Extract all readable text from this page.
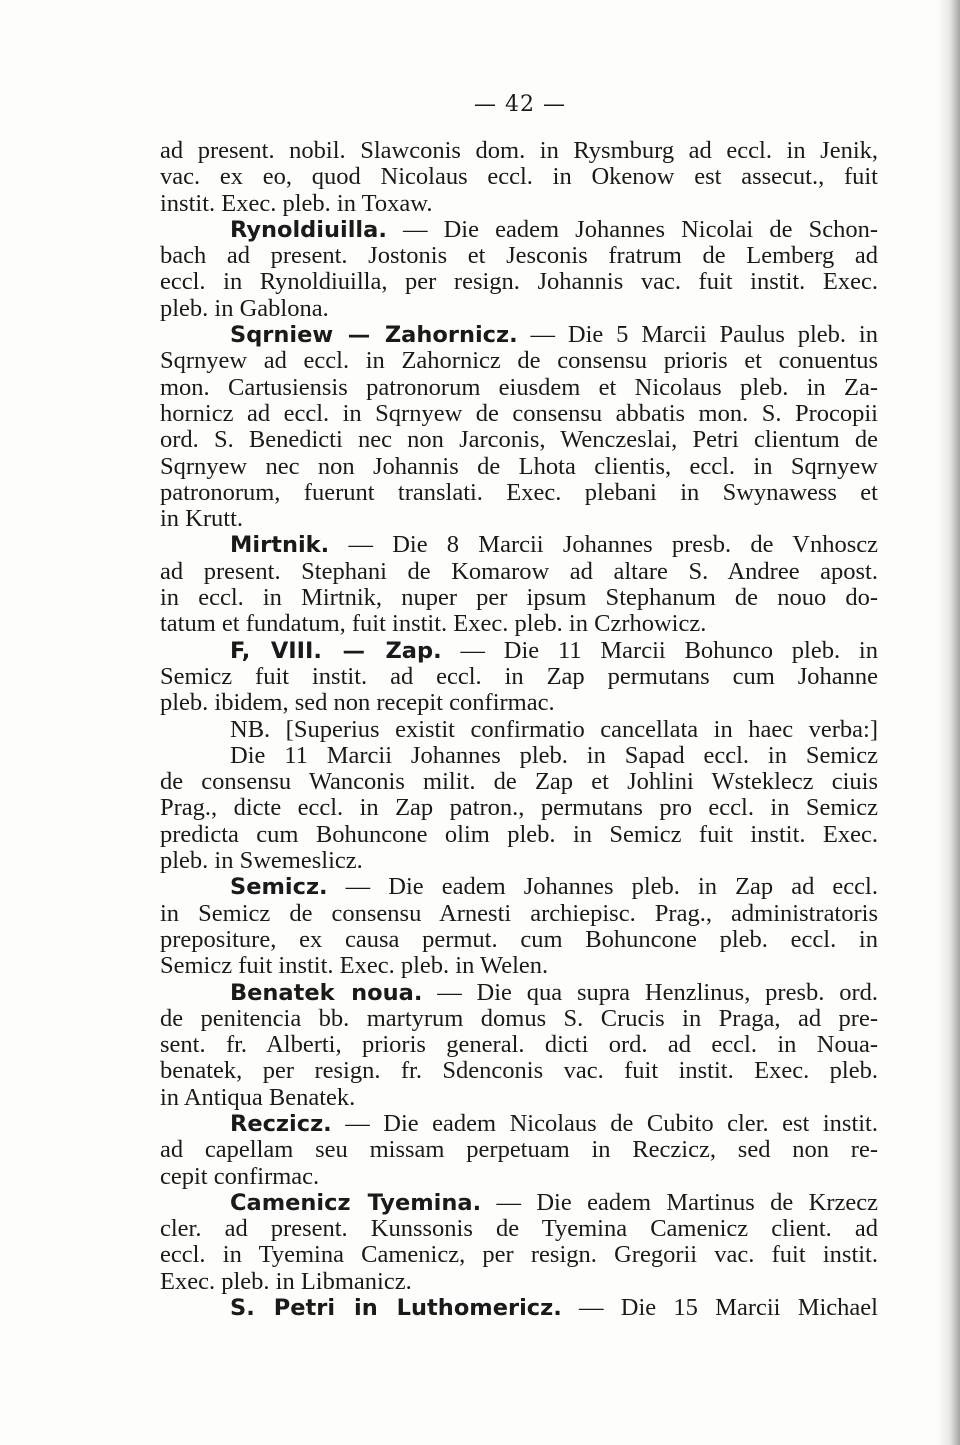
— 42 —
ad present. nobil. Slawconis dom. in Rysmburg ad eccl. in Jenik,
vac. ex eo, quod Nicolaus eccl. in Okenow est assecut., fuit
instit. Exec. pleb. in Toxaw.
Rynoldiuilla. — Die eadem Johannes Nicolai de Schon-
bach ad present. Jostonis et Jesconis fratrum de Lemberg ad
eccl. in Rynoldiuilla, per resign. Johannis vac. fuit instit. Exec.
pleb. in Gablona.
Sqrniew — Zahornicz. — Die 5 Marcii Paulus pleb. in
Sqrnyew ad eccl. in Zahornicz de consensu prioris et conuentus
mon. Cartusiensis patronorum eiusdem et Nicolaus pleb. in Za-
hornicz ad eccl. in Sqrnyew de consensu abbatis mon. S. Procopii
ord. S. Benedicti nec non Jarconis, Wenczeslai, Petri clientum de
Sqrnyew nec non Johannis de Lhota clientis, eccl. in Sqrnyew
patronorum, fuerunt translati. Exec. plebani in Swynawess et
in Krutt.
Mirtnik. — Die 8 Marcii Johannes presb. de Vnhoscz
ad present. Stephani de Komarow ad altare S. Andree apost.
in eccl. in Mirtnik, nuper per ipsum Stephanum de nouo do-
tatum et fundatum, fuit instit. Exec. pleb. in Czrhowicz.
F, VIII. — Zap. — Die 11 Marcii Bohunco pleb. in
Semicz fuit instit. ad eccl. in Zap permutans cum Johanne
pleb. ibidem, sed non recepit confirmac.
NB. [Superius existit confirmatio cancellata in haec verba:]
Die 11 Marcii Johannes pleb. in Sapad eccl. in Semicz
de consensu Wanconis milit. de Zap et Johlini Wsteklecz ciuis
Prag., dicte eccl. in Zap patron., permutans pro eccl. in Semicz
predicta cum Bohuncone olim pleb. in Semicz fuit instit. Exec.
pleb. in Swemeslicz.
Semicz. — Die eadem Johannes pleb. in Zap ad eccl.
in Semicz de consensu Arnesti archiepisc. Prag., administratoris
prepositure, ex causa permut. cum Bohuncone pleb. eccl. in
Semicz fuit instit. Exec. pleb. in Welen.
Benatek noua. — Die qua supra Henzlinus, presb. ord.
de penitencia bb. martyrum domus S. Crucis in Praga, ad pre-
sent. fr. Alberti, prioris general. dicti ord. ad eccl. in Noua-
benatek, per resign. fr. Sdenconis vac. fuit instit. Exec. pleb.
in Antiqua Benatek.
Reczicz. — Die eadem Nicolaus de Cubito cler. est instit.
ad capellam seu missam perpetuam in Reczicz, sed non re-
cepit confirmac.
Camenicz Tyemina. — Die eadem Martinus de Krzecz
cler. ad present. Kunssonis de Tyemina Camenicz client. ad
eccl. in Tyemina Camenicz, per resign. Gregorii vac. fuit instit.
Exec. pleb. in Libmanicz.
S. Petri in Luthomericz. — Die 15 Marcii Michael
